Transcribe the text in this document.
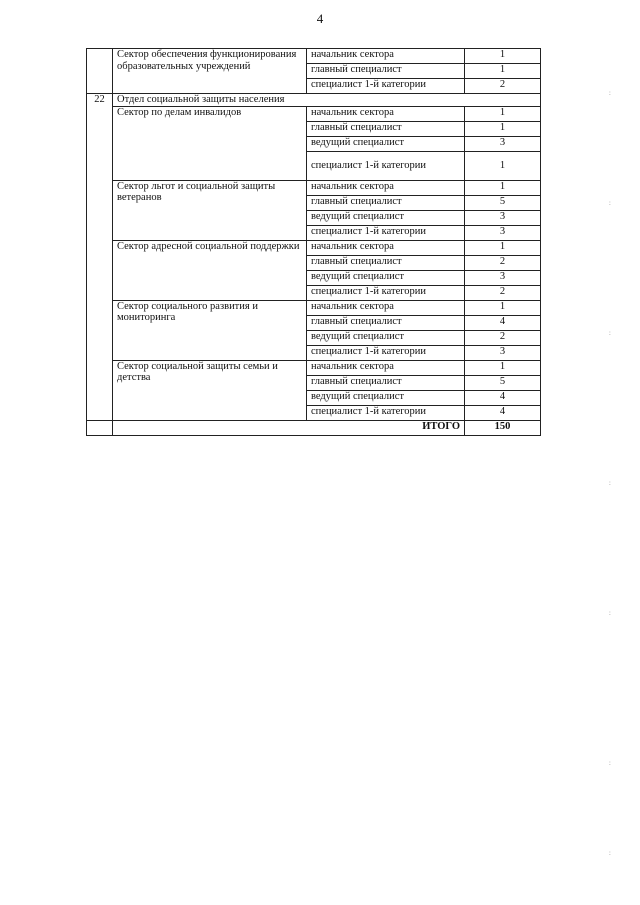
4
	Сектор обеспечения функционирования образовательных учреждений	начальник сектора	1
		главный специалист	1
		специалист 1-й категории	2
22	Отдел социальной защиты населения		
	Сектор по делам инвалидов	начальник сектора	1
		главный специалист	1
		ведущий специалист	3
		специалист 1-й категории	1
	Сектор льгот и социальной защиты ветеранов	начальник сектора	1
		главный специалист	5
		ведущий специалист	3
		специалист 1-й категории	3
	Сектор адресной социальной поддержки	начальник сектора	1
		главный специалист	2
		ведущий специалист	3
		специалист 1-й категории	2
	Сектор социального развития и мониторинга	начальник сектора	1
		главный специалист	4
		ведущий специалист	2
		специалист 1-й категории	3
	Сектор социальной защиты семьи и детства	начальник сектора	1
		главный специалист	5
		ведущий специалист	4
		специалист 1-й категории	4
	ИТОГО		150
:
:
:
:
:
:
:
